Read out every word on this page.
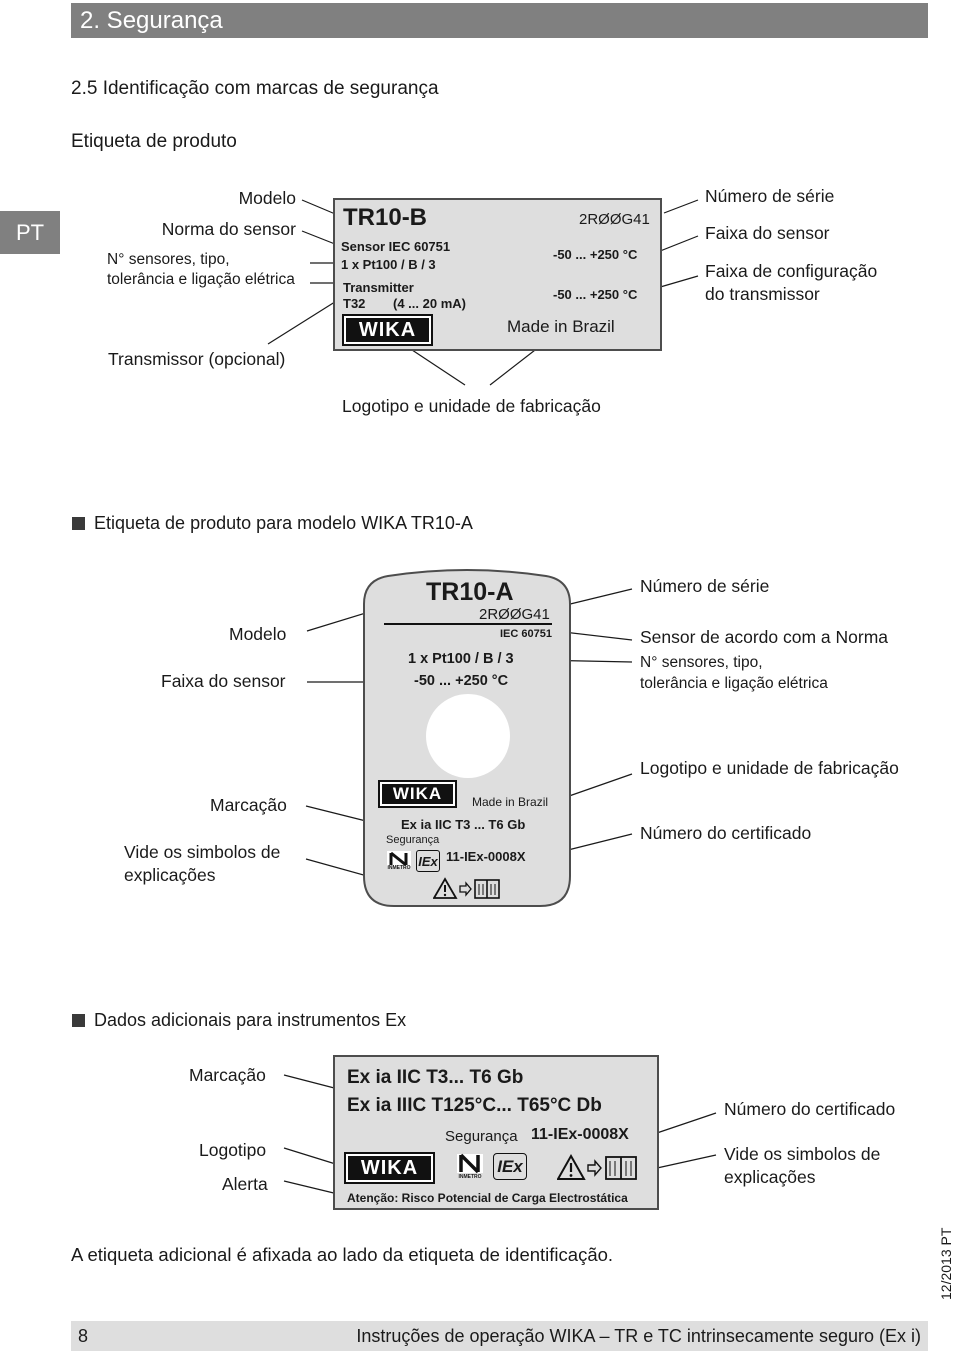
2. Segurança
2.5 Identificação com marcas de segurança
Etiqueta de produto
PT
Modelo
Norma do sensor
N° sensores, tipo,
tolerância e ligação elétrica
Transmissor (opcional)
Número de série
Faixa do sensor
Faixa de configuração
do transmissor
Logotipo e unidade de fabricação
TR10-B	2RØØG41
Sensor IEC 60751
1 x Pt100 / B / 3
Transmitter
T32 (4 ... 20 mA)
-50 ... +250 °C
-50 ... +250 °C
WIKA	Made in Brazil
Etiqueta de produto para modelo WIKA TR10-A
Modelo
Faixa do sensor
Marcação
Vide os simbolos de
explicações
Número de série
Sensor de acordo com a Norma
N° sensores, tipo,
tolerância e ligação elétrica
Logotipo e unidade de fabricação
Número do certificado
TR10-A
2RØØG41
IEC 60751
1 x Pt100 / B / 3
-50 ... +250 °C
WIKA	Made in Brazil
Ex ia IIC T3 ... T6 Gb
Segurança
INMETRO IEx 11-IEx-0008X
Dados adicionais para instrumentos Ex
Marcação
Logotipo
Alerta
Número do certificado
Vide os simbolos de
explicações
Ex ia IIC T3... T6 Gb
Ex ia IIIC T125°C... T65°C Db
Segurança 11-IEx-0008X
WIKA	INMETRO
IEx
Atenção: Risco Potencial de Carga Electrostática
A etiqueta adicional é afixada ao lado da etiqueta de identificação.	12/2013 PT
8	Instruções de operação WIKA – TR e TC intrinsecamente seguro (Ex i)
